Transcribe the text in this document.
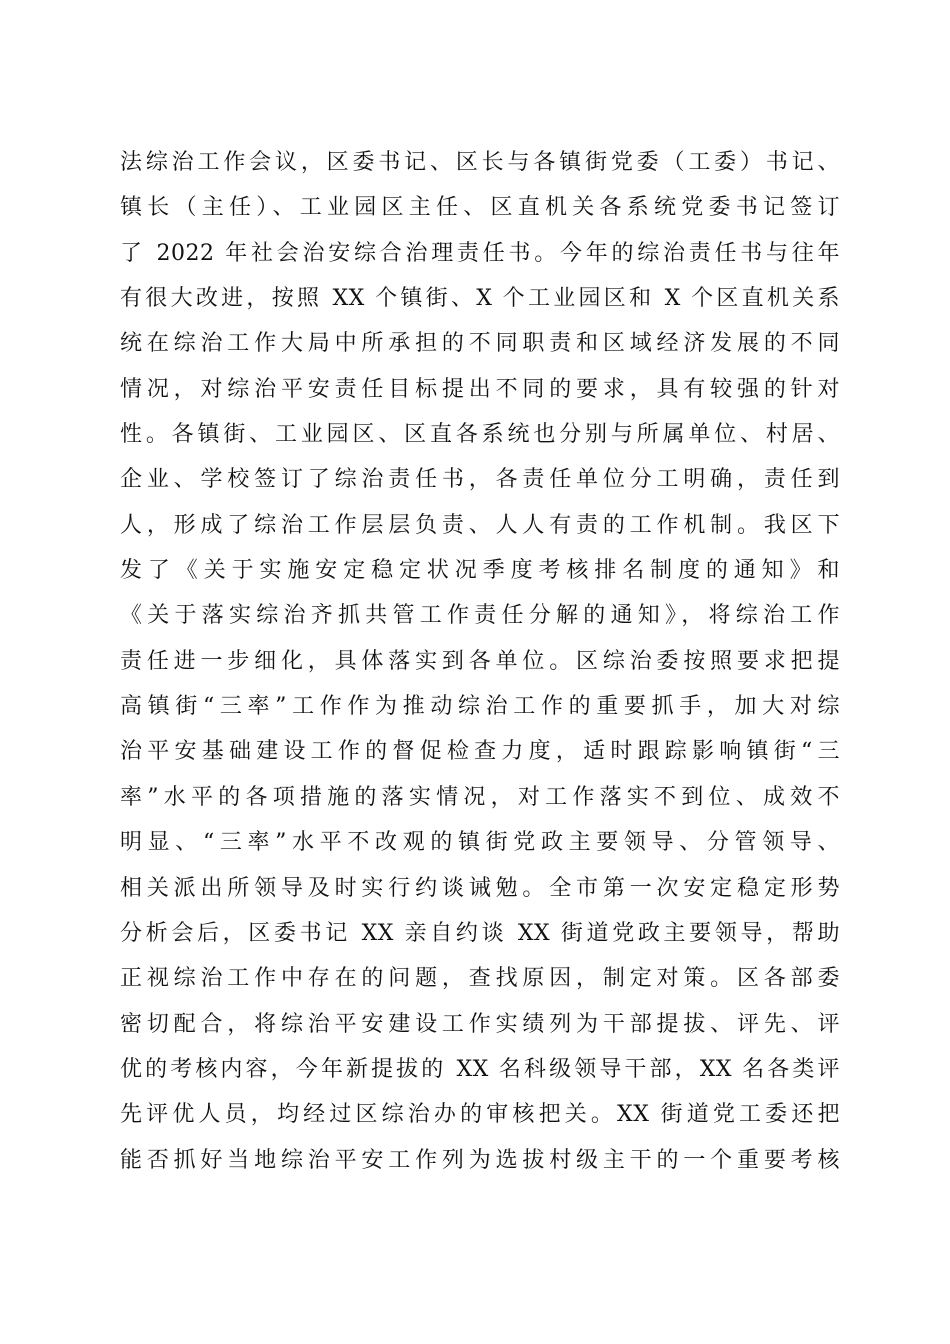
法综治工作会议，区委书记、区长与各镇街党委（工委）书记、
镇长（主任）、工业园区主任、区直机关各系统党委书记签订
了 2022 年社会治安综合治理责任书。今年的综治责任书与往年
有很大改进，按照 XX 个镇街、X 个工业园区和 X 个区直机关系
统在综治工作大局中所承担的不同职责和区域经济发展的不同
情况，对综治平安责任目标提出不同的要求，具有较强的针对
性。各镇街、工业园区、区直各系统也分别与所属单位、村居、
企业、学校签订了综治责任书，各责任单位分工明确，责任到
人，形成了综治工作层层负责、人人有责的工作机制。我区下
发了《关于实施安定稳定状况季度考核排名制度的通知》和
《关于落实综治齐抓共管工作责任分解的通知》，将综治工作
责任进一步细化，具体落实到各单位。区综治委按照要求把提
高镇街“三率”工作作为推动综治工作的重要抓手，加大对综
治平安基础建设工作的督促检查力度，适时跟踪影响镇街“三
率”水平的各项措施的落实情况，对工作落实不到位、成效不
明显、“三率”水平不改观的镇街党政主要领导、分管领导、
相关派出所领导及时实行约谈诫勉。全市第一次安定稳定形势
分析会后，区委书记 XX 亲自约谈 XX 街道党政主要领导，帮助
正视综治工作中存在的问题，查找原因，制定对策。区各部委
密切配合，将综治平安建设工作实绩列为干部提拔、评先、评
优的考核内容，今年新提拔的 XX 名科级领导干部，XX 名各类评
先评优人员，均经过区综治办的审核把关。XX 街道党工委还把
能否抓好当地综治平安工作列为选拔村级主干的一个重要考核
